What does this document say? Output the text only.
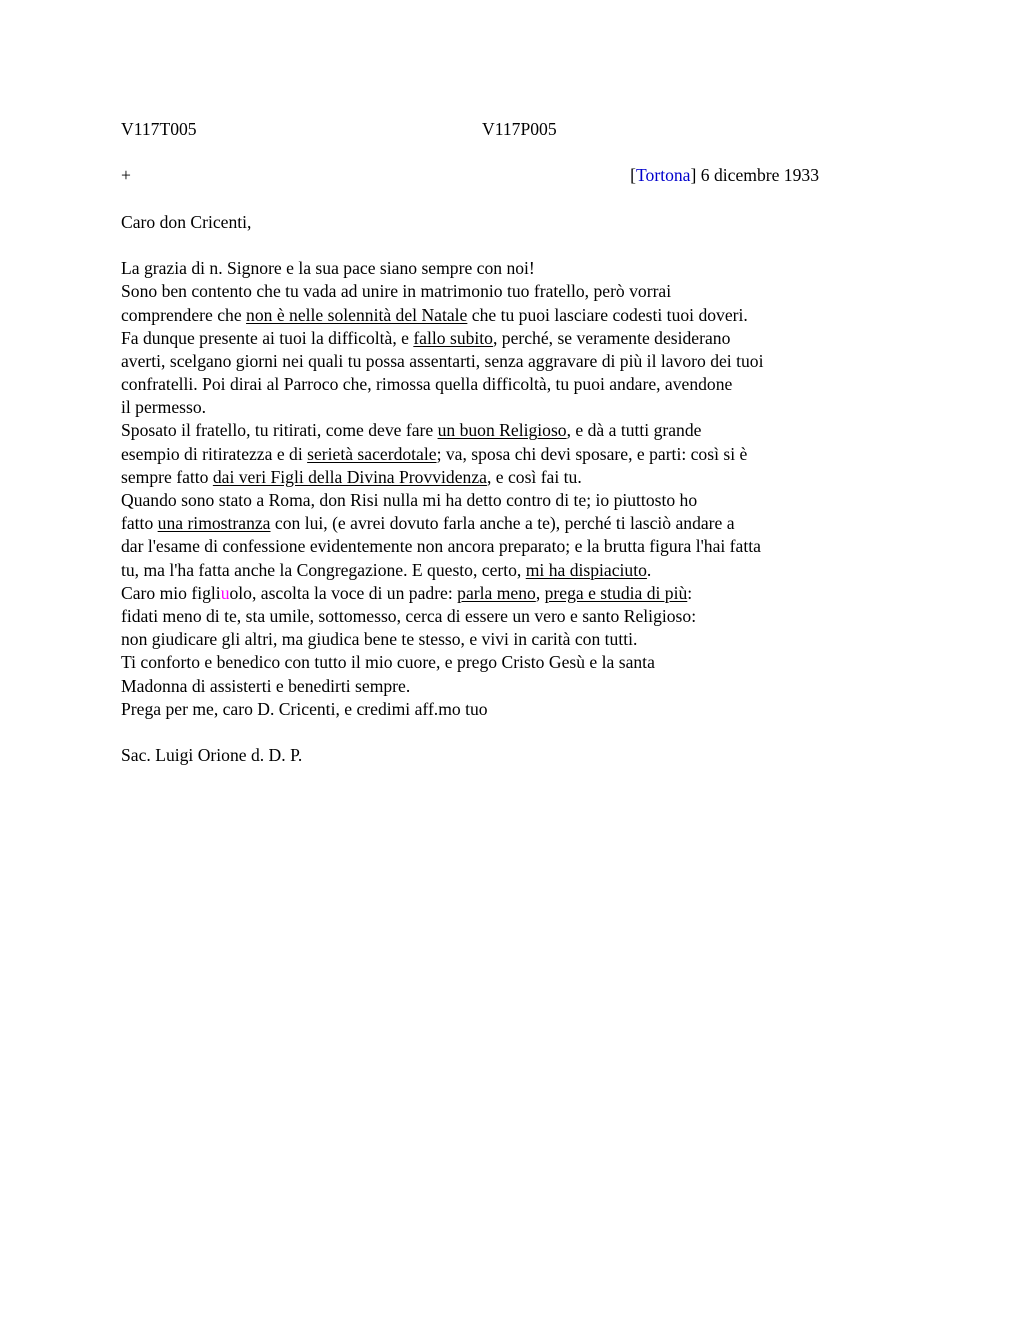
V117T005	V117P005
+	[Tortona] 6 dicembre 1933
Caro don Cricenti,
La grazia di n. Signore e la sua pace siano sempre con noi!
Sono ben contento che tu vada ad unire in matrimonio tuo fratello, però vorrai
comprendere che non è nelle solennità del Natale che tu puoi lasciare codesti tuoi doveri.
Fa dunque presente ai tuoi la difficoltà, e fallo subito, perché, se veramente desiderano
averti, scelgano giorni nei quali tu possa assentarti, senza aggravare di più il lavoro dei tuoi
confratelli. Poi dirai al Parroco che, rimossa quella difficoltà, tu puoi andare, avendone
il permesso.
Sposato il fratello, tu ritirati, come deve fare un buon Religioso, e dà a tutti grande
esempio di ritiratezza e di serietà sacerdotale; va, sposa chi devi sposare, e parti: così si è
sempre fatto dai veri Figli della Divina Provvidenza, e così fai tu.
Quando sono stato a Roma, don Risi nulla mi ha detto contro di te; io piuttosto ho
fatto una rimostranza con lui, (e avrei dovuto farla anche a te), perché ti lasciò andare a
dar l'esame di confessione evidentemente non ancora preparato; e la brutta figura l'hai fatta
tu, ma l'ha fatta anche la Congregazione. E questo, certo, mi ha dispiaciuto.
Caro mio figliuolo, ascolta la voce di un padre: parla meno, prega e studia di più:
fidati meno di te, sta umile, sottomesso, cerca di essere un vero e santo Religioso:
non giudicare gli altri, ma giudica bene te stesso, e vivi in carità con tutti.
Ti conforto e benedico con tutto il mio cuore, e prego Cristo Gesù e la santa
Madonna di assisterti e benedirti sempre.
Prega per me, caro D. Cricenti, e credimi aff.mo tuo
Sac. Luigi Orione d. D. P.
